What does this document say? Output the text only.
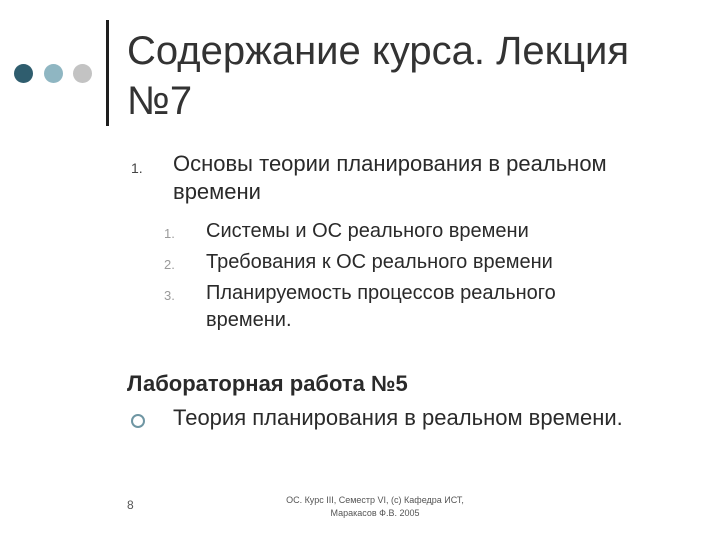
Содержание курса. Лекция
№7
1. Основы теории планирования в реальном времени
1. Системы и ОС реального времени
2. Требования к ОС реального времени
3. Планируемость процессов реального времени.
Лабораторная работа №5
Теория планирования в реальном времени.
8	ОС. Курс III, Семестр VI, (c) Кафедра ИСТ,
Маракасов Ф.В. 2005
